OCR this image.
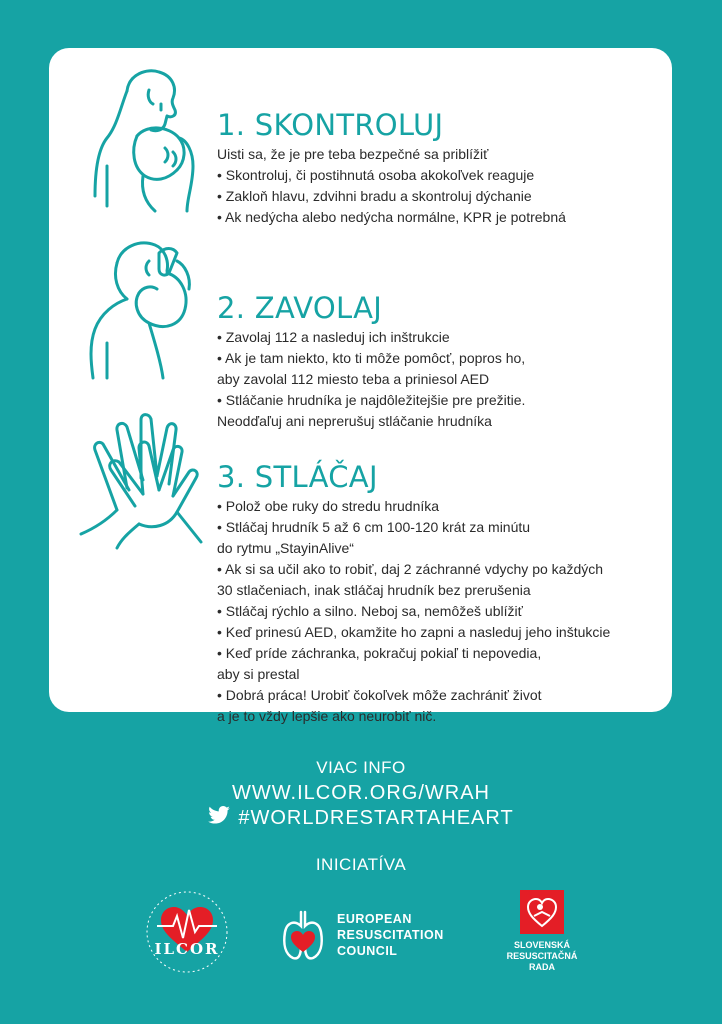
1. SKONTROLUJ
Uisti sa, že je pre teba bezpečné sa priblížiť
• Skontroluj, či postihnutá osoba akokoľvek reaguje
• Zakloň hlavu, zdvihni bradu a skontroluj dýchanie
• Ak nedýcha alebo nedýcha normálne, KPR je potrebná
2. ZAVOLAJ
• Zavolaj 112 a nasleduj ich inštrukcie
• Ak je tam niekto, kto ti môže pomôcť, popros ho,
aby zavolal 112 miesto teba a priniesol AED
• Stláčanie hrudníka je najdôležitejšie pre prežitie.
Neodďaľuj ani neprerušuj stláčanie hrudníka
3. STLÁČAJ
• Polož obe ruky do stredu hrudníka
• Stláčaj hrudník 5 až 6 cm 100-120 krát za minútu
do rytmu „StayinAlive“
• Ak si sa učil ako to robiť, daj 2 záchranné vdychy po každých
30 stlačeniach, inak stláčaj hrudník bez prerušenia
• Stláčaj rýchlo a silno. Neboj sa, nemôžeš ublížiť
• Keď prinesú AED, okamžite ho zapni a nasleduj jeho inštukcie
• Keď príde záchranka, pokračuj pokiaľ ti nepovedia,
aby si prestal
• Dobrá práca! Urobiť čokoľvek môže zachrániť život
a je to vždy lepšie ako neurobiť nič.
VIAC INFO
WWW.ILCOR.ORG/WRAH
#WORLDRESTARTAHEART
INICIATÍVA
ILCOR
EUROPEAN
RESUSCITATION
COUNCIL	SLOVENSKÁ
RESUSCITAČNÁ
RADA
